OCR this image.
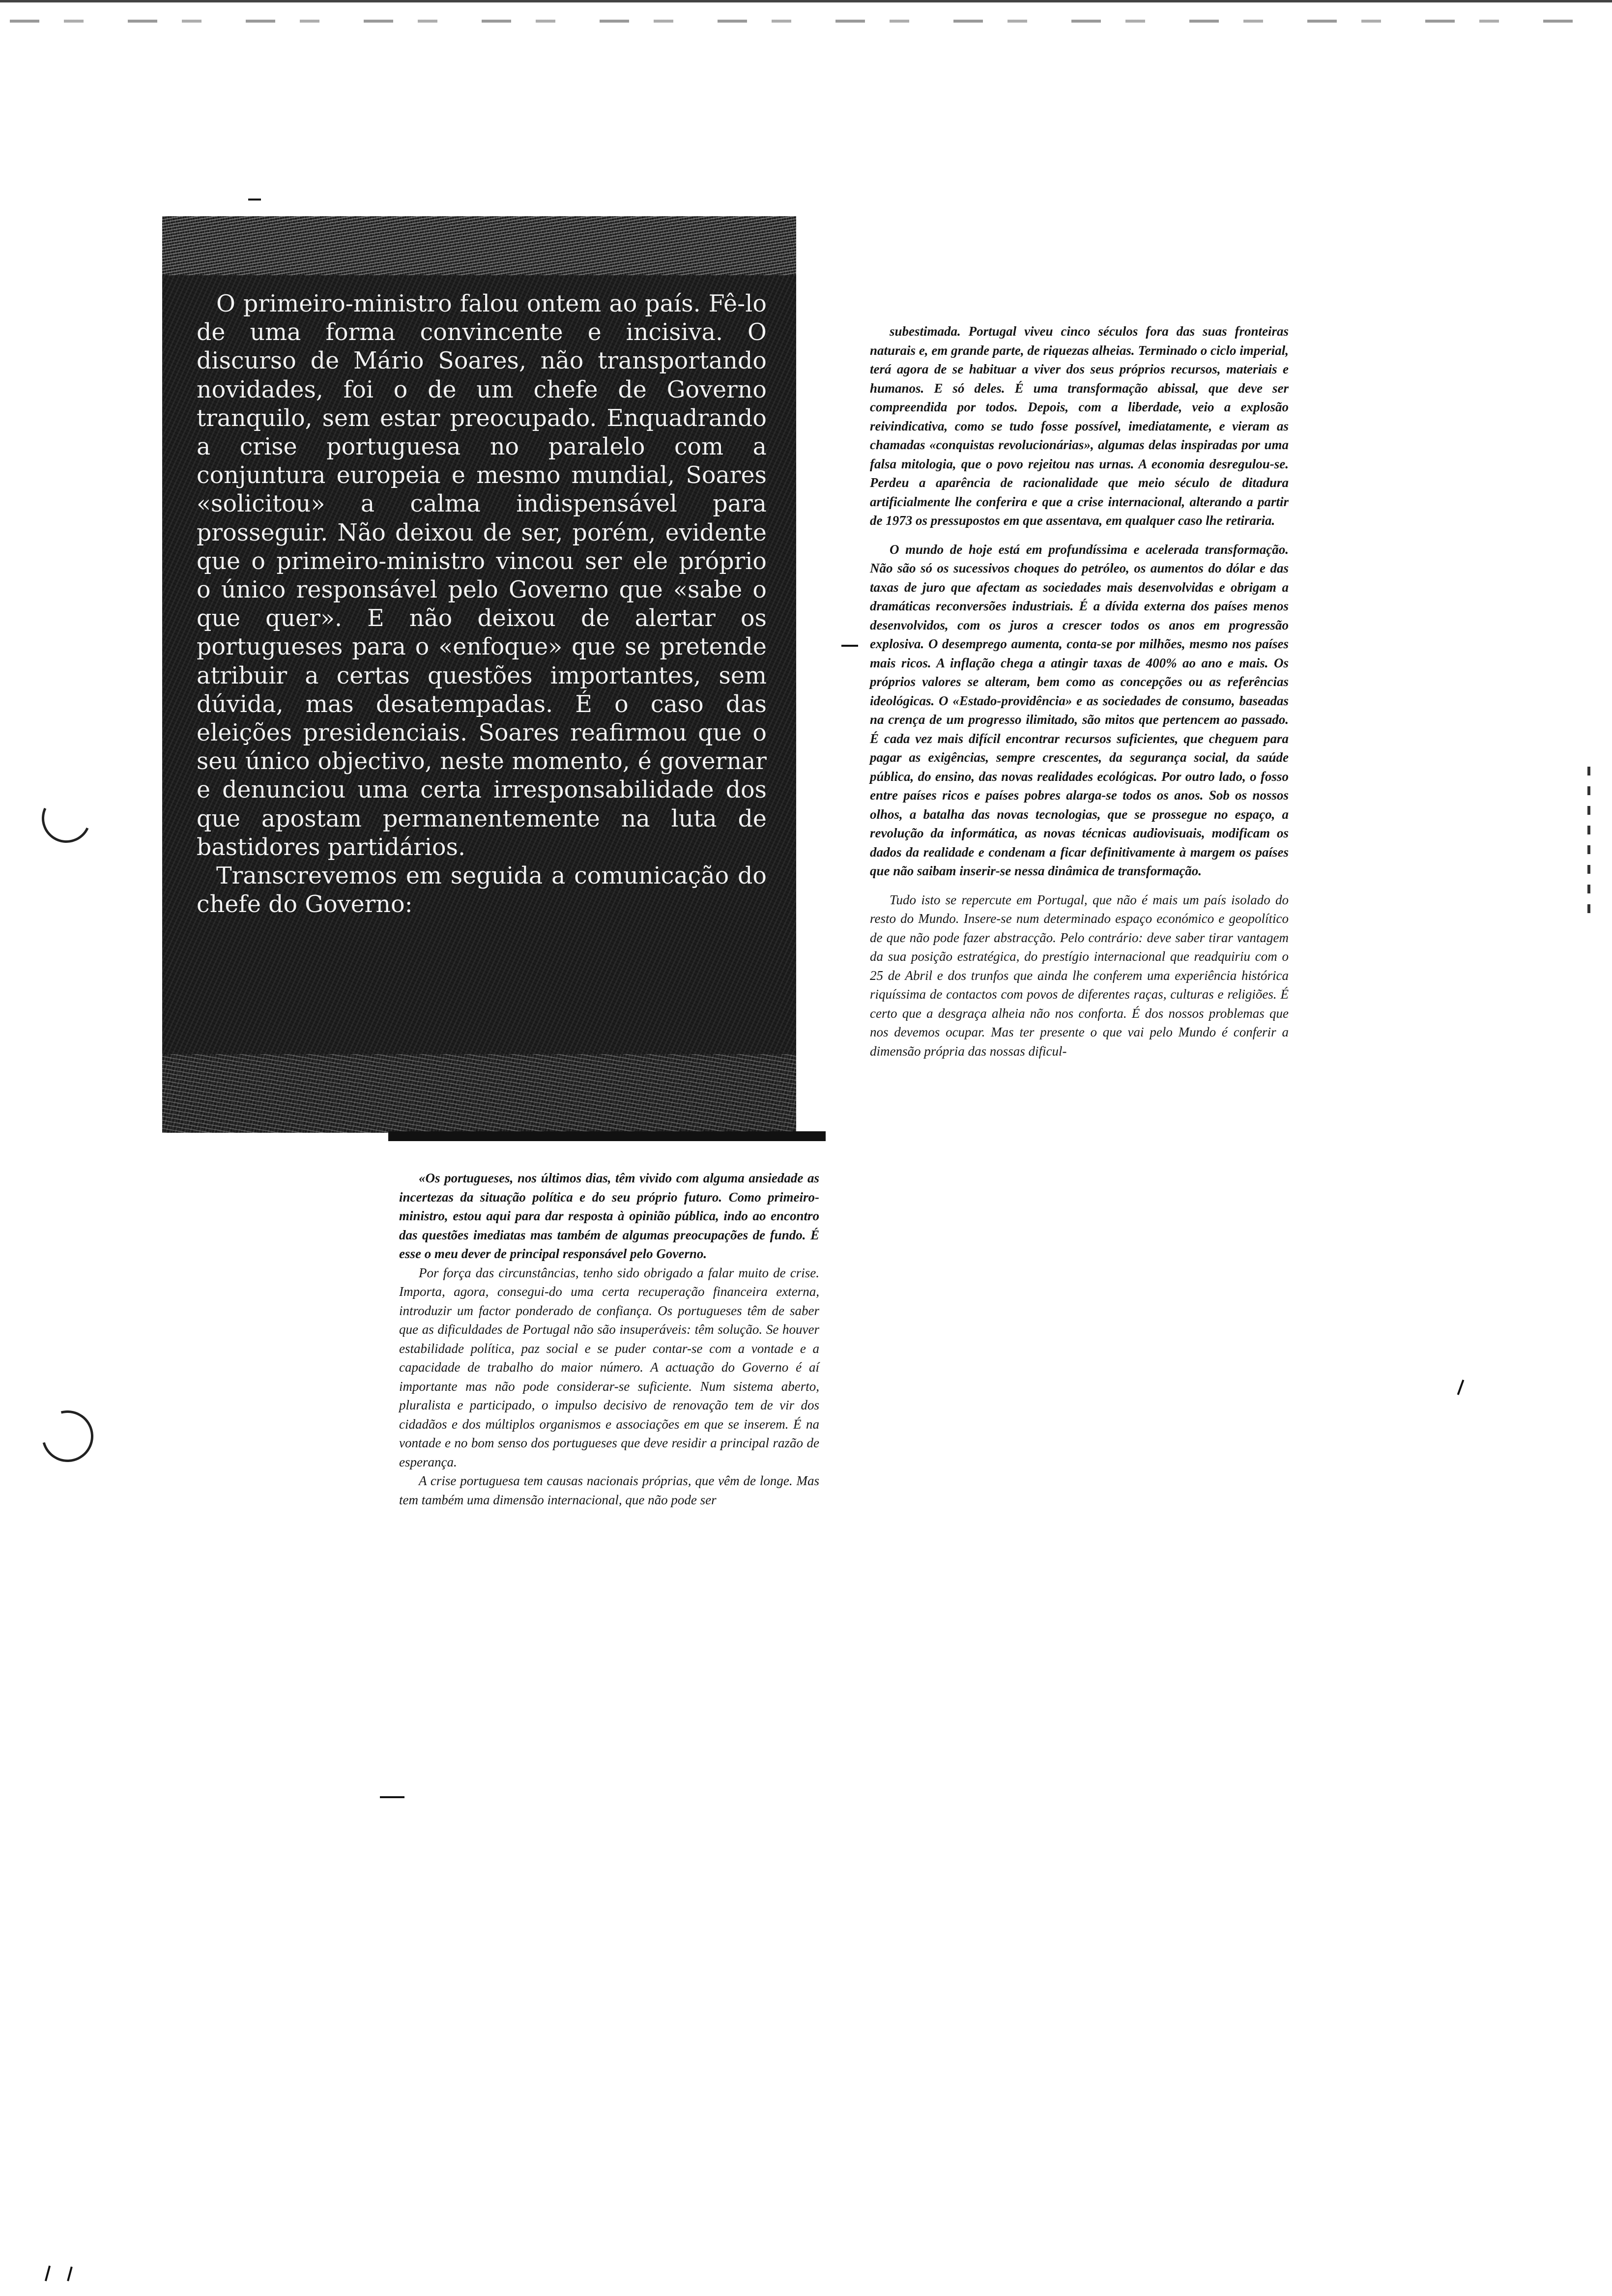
O primeiro-ministro falou ontem ao país. Fê-lo de uma forma convincente e incisiva. O discurso de Mário Soares, não transportando novidades, foi o de um chefe de Governo tranquilo, sem estar preocupado. Enquadrando a crise portuguesa no paralelo com a conjuntura europeia e mesmo mundial, Soares «solicitou» a calma indispensável para prosseguir. Não deixou de ser, porém, evidente que o primeiro-ministro vincou ser ele próprio o único responsável pelo Governo que «sabe o que quer». E não deixou de alertar os portugueses para o «enfoque» que se pretende atribuir a certas questões importantes, sem dúvida, mas desatempadas. É o caso das eleições presidenciais. Soares reafirmou que o seu único objectivo, neste momento, é governar e denunciou uma certa irresponsabilidade dos que apostam permanentemente na luta de bastidores partidários.

Transcrevemos em seguida a comunicação do chefe do Governo:

«Os portugueses, nos últimos dias, têm vivido com alguma ansiedade as incertezas da situação política e do seu próprio futuro. Como primeiro-ministro, estou aqui para dar resposta à opinião pública, indo ao encontro das questões imediatas mas também de algumas preocupações de fundo. É esse o meu dever de principal responsável pelo Governo.

Por força das circunstâncias, tenho sido obrigado a falar muito de crise. Importa, agora, consegui-do uma certa recuperação financeira externa, introduzir um factor ponderado de confiança. Os portugueses têm de saber que as dificuldades de Portugal não são insuperáveis: têm solução. Se houver estabilidade política, paz social e se puder contar-se com a vontade e a capacidade de trabalho do maior número. A actuação do Governo é aí importante mas não pode considerar-se suficiente. Num sistema aberto, pluralista e participado, o impulso decisivo de renovação tem de vir dos cidadãos e dos múltiplos organismos e associações em que se inserem. É na vontade e no bom senso dos portugueses que deve residir a principal razão de esperança.

A crise portuguesa tem causas nacionais próprias, que vêm de longe. Mas tem também uma dimensão internacional, que não pode ser

subestimada. Portugal viveu cinco séculos fora das suas fronteiras naturais e, em grande parte, de riquezas alheias. Terminado o ciclo imperial, terá agora de se habituar a viver dos seus próprios recursos, materiais e humanos. E só deles. É uma transformação abissal, que deve ser compreendida por todos. Depois, com a liberdade, veio a explosão reivindicativa, como se tudo fosse possível, imediatamente, e vieram as chamadas «conquistas revolucionárias», algumas delas inspiradas por uma falsa mitologia, que o povo rejeitou nas urnas. A economia desregulou-se. Perdeu a aparência de racionalidade que meio século de ditadura artificialmente lhe conferira e que a crise internacional, alterando a partir de 1973 os pressupostos em que assentava, em qualquer caso lhe retiraria.

O mundo de hoje está em profundíssima e acelerada transformação. Não são só os sucessivos choques do petróleo, os aumentos do dólar e das taxas de juro que afectam as sociedades mais desenvolvidas e obrigam a dramáticas reconversões industriais. É a dívida externa dos países menos desenvolvidos, com os juros a crescer todos os anos em progressão explosiva. O desemprego aumenta, conta-se por milhões, mesmo nos países mais ricos. A inflação chega a atingir taxas de 400% ao ano e mais. Os próprios valores se alteram, bem como as concepções ou as referências ideológicas. O «Estado-providência» e as sociedades de consumo, baseadas na crença de um progresso ilimitado, são mitos que pertencem ao passado. É cada vez mais difícil encontrar recursos suficientes, que cheguem para pagar as exigências, sempre crescentes, da segurança social, da saúde pública, do ensino, das novas realidades ecológicas. Por outro lado, o fosso entre países ricos e países pobres alarga-se todos os anos. Sob os nossos olhos, a batalha das novas tecnologias, que se prossegue no espaço, a revolução da informática, as novas técnicas audiovisuais, modificam os dados da realidade e condenam a ficar definitivamente à margem os países que não saibam inserir-se nessa dinâmica de transformação.

Tudo isto se repercute em Portugal, que não é mais um país isolado do resto do Mundo. Insere-se num determinado espaço económico e geopolítico de que não pode fazer abstracção. Pelo contrário: deve saber tirar vantagem da sua posição estratégica, do prestígio internacional que readquiriu com o 25 de Abril e dos trunfos que ainda lhe conferem uma experiência histórica riquíssima de contactos com povos de diferentes raças, culturas e religiões. É certo que a desgraça alheia não nos conforta. É dos nossos problemas que nos devemos ocupar. Mas ter presente o que vai pelo Mundo é conferir a dimensão própria das nossas dificul-
